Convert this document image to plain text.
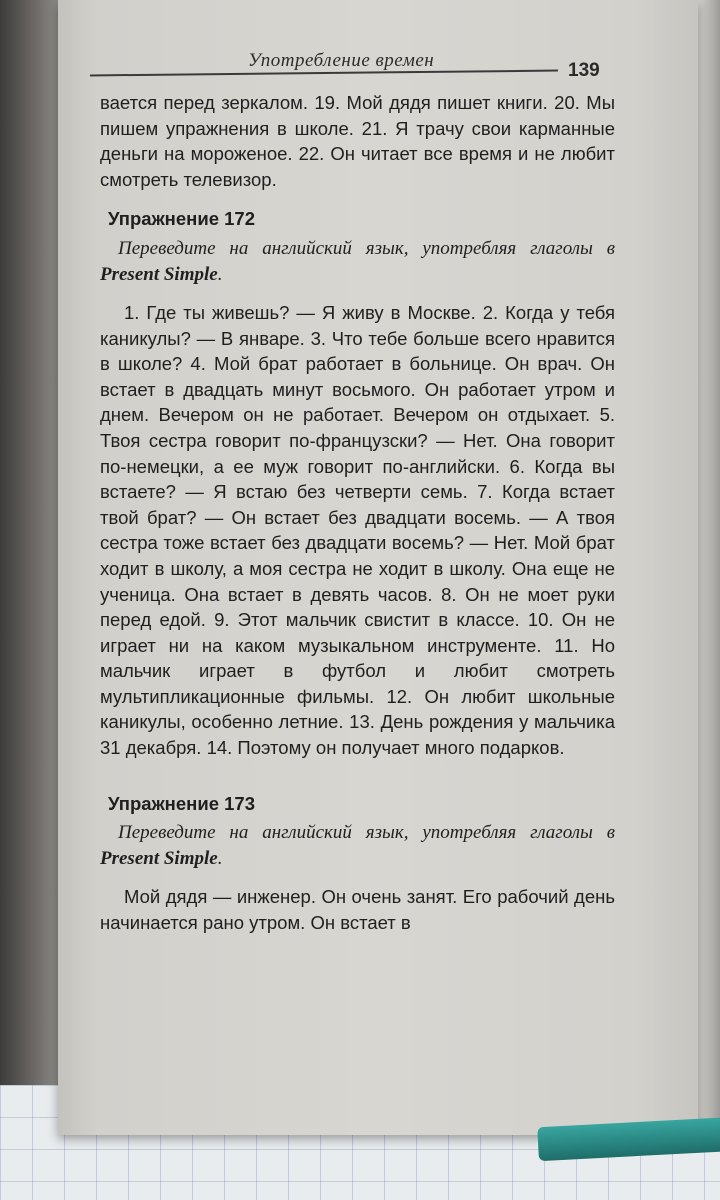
Употребление времен	139

вается перед зеркалом. 19. Мой дядя пишет книги. 20. Мы пишем упражнения в школе. 21. Я трачу свои карманные деньги на мороженое. 22. Он читает все время и не любит смотреть телевизор.

Упражнение 172

Переведите на английский язык, употребляя глаголы в Present Simple.

1. Где ты живешь? — Я живу в Москве. 2. Когда у тебя каникулы? — В январе. 3. Что тебе больше всего нравится в школе? 4. Мой брат работает в больнице. Он врач. Он встает в двадцать минут восьмого. Он работает утром и днем. Вечером он не работает. Вечером он отдыхает. 5. Твоя сестра говорит по-французски? — Нет. Она говорит по-немецки, а ее муж говорит по-английски. 6. Когда вы встаете? — Я встаю без четверти семь. 7. Когда встает твой брат? — Он встает без двадцати восемь. — А твоя сестра тоже встает без двадцати восемь? — Нет. Мой брат ходит в школу, а моя сестра не ходит в школу. Она еще не ученица. Она встает в девять часов. 8. Он не моет руки перед едой. 9. Этот мальчик свистит в классе. 10. Он не играет ни на каком музыкальном инструменте. 11. Но мальчик играет в футбол и любит смотреть мультипликационные фильмы. 12. Он любит школьные каникулы, особенно летние. 13. День рождения у мальчика 31 декабря. 14. Поэтому он получает много подарков.

Упражнение 173

Переведите на английский язык, употребляя глаголы в Present Simple.

Мой дядя — инженер. Он очень занят. Его рабочий день начинается рано утром. Он встает в
